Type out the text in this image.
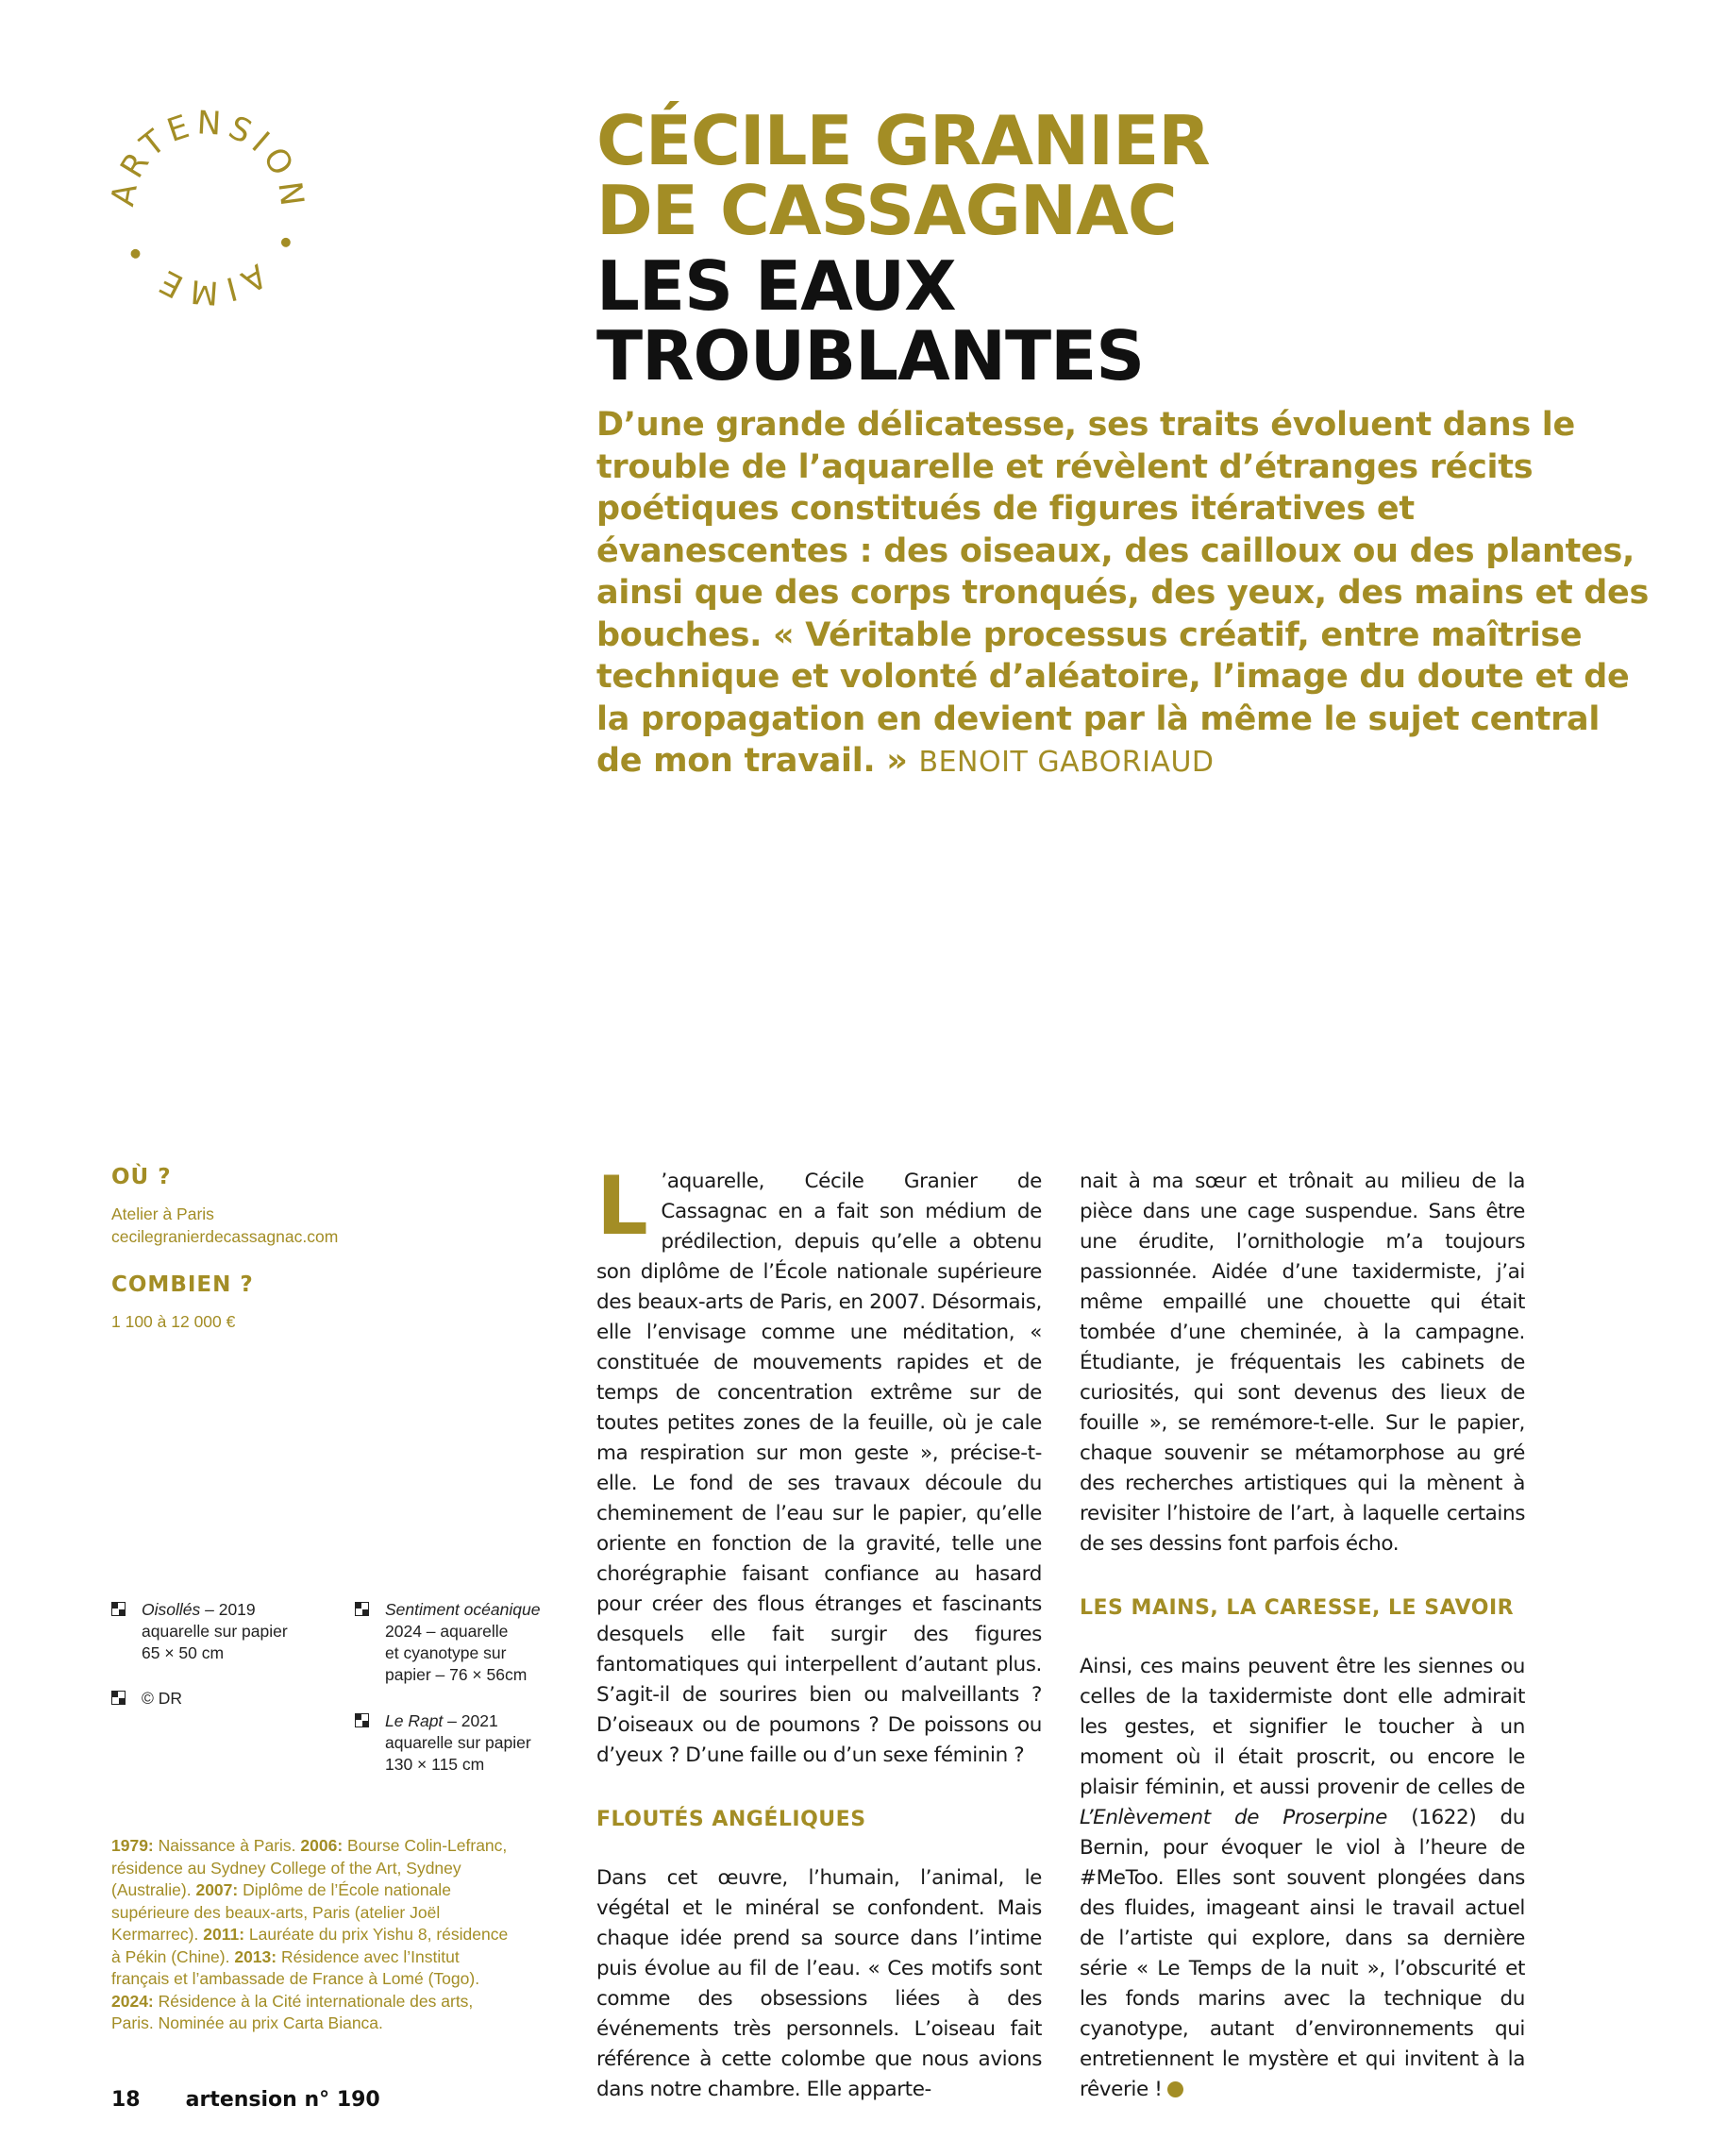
ARTENSION • AIME •
CÉCILE GRANIER
DE CASSAGNAC
LES EAUX
TROUBLANTES

D’une grande délicatesse, ses traits évoluent dans le trouble de l’aquarelle et révèlent d’étranges récits poétiques constitués de figures itératives et évanescentes : des oiseaux, des cailloux ou des plantes, ainsi que des corps tronqués, des yeux, des mains et des bouches. « Véritable processus créatif, entre maîtrise technique et volonté d’aléatoire, l’image du doute et de la propagation en devient par là même le sujet central de mon travail. » BENOIT GABORIAUD

OÙ ?

Atelier à Paris

cecilegranierdecassagnac.com

COMBIEN ?

1 100 à 12 000 €

Oisollés – 2019
aquarelle sur papier
65 × 50 cm
© DR
Sentiment océanique
2024 – aquarelle
et cyanotype sur
papier – 76 × 56cm
Le Rapt – 2021
aquarelle sur papier
130 × 115 cm

1979: Naissance à Paris. 2006: Bourse Colin-Lefranc, résidence au Sydney College of the Art, Sydney (Australie). 2007: Diplôme de l’École nationale supérieure des beaux-arts, Paris (atelier Joël Kermarrec). 2011: Lauréate du prix Yishu 8, résidence à Pékin (Chine). 2013: Résidence avec l’Institut français et l’ambassade de France à Lomé (Togo). 2024: Résidence à la Cité internationale des arts, Paris. Nominée au prix Carta Bianca.

L ’aquarelle, Cécile Granier de Cassagnac en a fait son médium de prédilection, depuis qu’elle a obtenu son diplôme de l’École nationale supérieure des beaux-arts de Paris, en 2007. Désormais, elle l’envisage comme une méditation, « constituée de mouvements rapides et de temps de concentration extrême sur de toutes petites zones de la feuille, où je cale ma respiration sur mon geste », précise-t-elle. Le fond de ses travaux découle du cheminement de l’eau sur le papier, qu’elle oriente en fonction de la gravité, telle une chorégraphie faisant confiance au hasard pour créer des flous étranges et fascinants desquels elle fait surgir des figures fantomatiques qui interpellent d’autant plus. S’agit-il de sourires bien ou malveillants ? D’oiseaux ou de poumons ? De poissons ou d’yeux ? D’une faille ou d’un sexe féminin ?

FLOUTÉS ANGÉLIQUES

Dans cet œuvre, l’humain, l’animal, le végétal et le minéral se confondent. Mais chaque idée prend sa source dans l’intime puis évolue au fil de l’eau. « Ces motifs sont comme des obsessions liées à des événements très personnels. L’oiseau fait référence à cette colombe que nous avions dans notre chambre. Elle apparte-

nait à ma sœur et trônait au milieu de la pièce dans une cage suspendue. Sans être une érudite, l’ornithologie m’a toujours passionnée. Aidée d’une taxidermiste, j’ai même empaillé une chouette qui était tombée d’une cheminée, à la campagne. Étudiante, je fréquentais les cabinets de curiosités, qui sont devenus des lieux de fouille », se remémore-t-elle. Sur le papier, chaque souvenir se métamorphose au gré des recherches artistiques qui la mènent à revisiter l’histoire de l’art, à laquelle certains de ses dessins font parfois écho.

LES MAINS, LA CARESSE, LE SAVOIR

Ainsi, ces mains peuvent être les siennes ou celles de la taxidermiste dont elle admirait les gestes, et signifier le toucher à un moment où il était proscrit, ou encore le plaisir féminin, et aussi provenir de celles de L’Enlèvement de Proserpine (1622) du Bernin, pour évoquer le viol à l’heure de #MeToo. Elles sont souvent plongées dans des fluides, imageant ainsi le travail actuel de l’artiste qui explore, dans sa dernière série « Le Temps de la nuit », l’obscurité et les fonds marins avec la technique du cyanotype, autant d’environnements qui entretiennent le mystère et qui invitent à la rêverie !

18 artension n° 190
